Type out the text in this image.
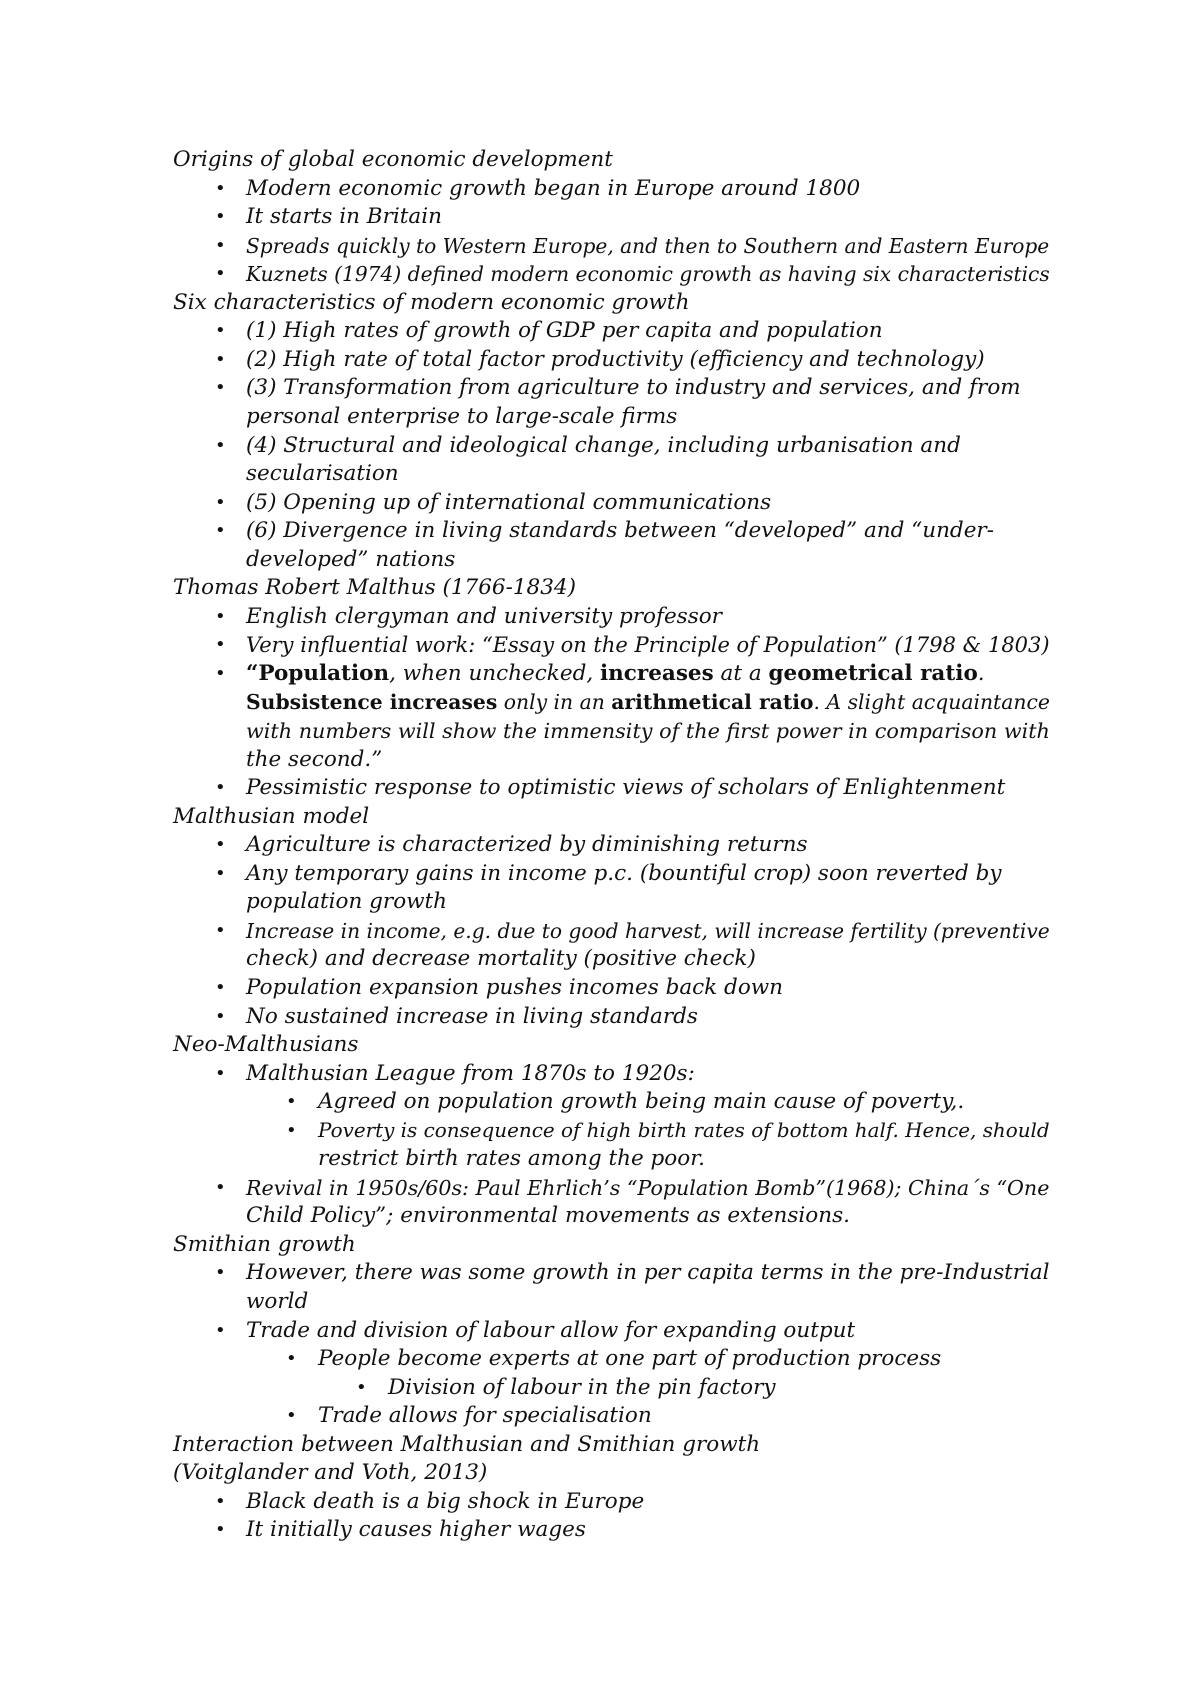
Origins of global economic development
• Modern economic growth began in Europe around 1800
• It starts in Britain
• Spreads quickly to Western Europe, and then to Southern and Eastern Europe
• Kuznets (1974) defined modern economic growth as having six characteristics
Six characteristics of modern economic growth
• (1) High rates of growth of GDP per capita and population
• (2) High rate of total factor productivity (efficiency and technology)
• (3) Transformation from agriculture to industry and services, and from
personal enterprise to large-scale firms
• (4) Structural and ideological change, including urbanisation and
secularisation
• (5) Opening up of international communications
• (6) Divergence in living standards between “developed” and “under-
developed” nations
Thomas Robert Malthus (1766-1834)
• English clergyman and university professor
• Very influential work: “Essay on the Principle of Population” (1798 & 1803)
• “Population, when unchecked, increases at a geometrical ratio.
Subsistence increases only in an arithmetical ratio. A slight acquaintance
with numbers will show the immensity of the first power in comparison with
the second.”
• Pessimistic response to optimistic views of scholars of Enlightenment
Malthusian model
• Agriculture is characterized by diminishing returns
• Any temporary gains in income p.c. (bountiful crop) soon reverted by
population growth
• Increase in income, e.g. due to good harvest, will increase fertility (preventive
check) and decrease mortality (positive check)
• Population expansion pushes incomes back down
• No sustained increase in living standards
Neo-Malthusians
• Malthusian League from 1870s to 1920s:
• Agreed on population growth being main cause of poverty,.
• Poverty is consequence of high birth rates of bottom half. Hence, should
restrict birth rates among the poor.
• Revival in 1950s/60s: Paul Ehrlich’s “Population Bomb”(1968); China´s “One
Child Policy”; environmental movements as extensions.
Smithian growth
• However, there was some growth in per capita terms in the pre-Industrial
world
• Trade and division of labour allow for expanding output
• People become experts at one part of production process
• Division of labour in the pin factory
• Trade allows for specialisation
Interaction between Malthusian and Smithian growth
(Voitglander and Voth, 2013)
• Black death is a big shock in Europe
• It initially causes higher wages
